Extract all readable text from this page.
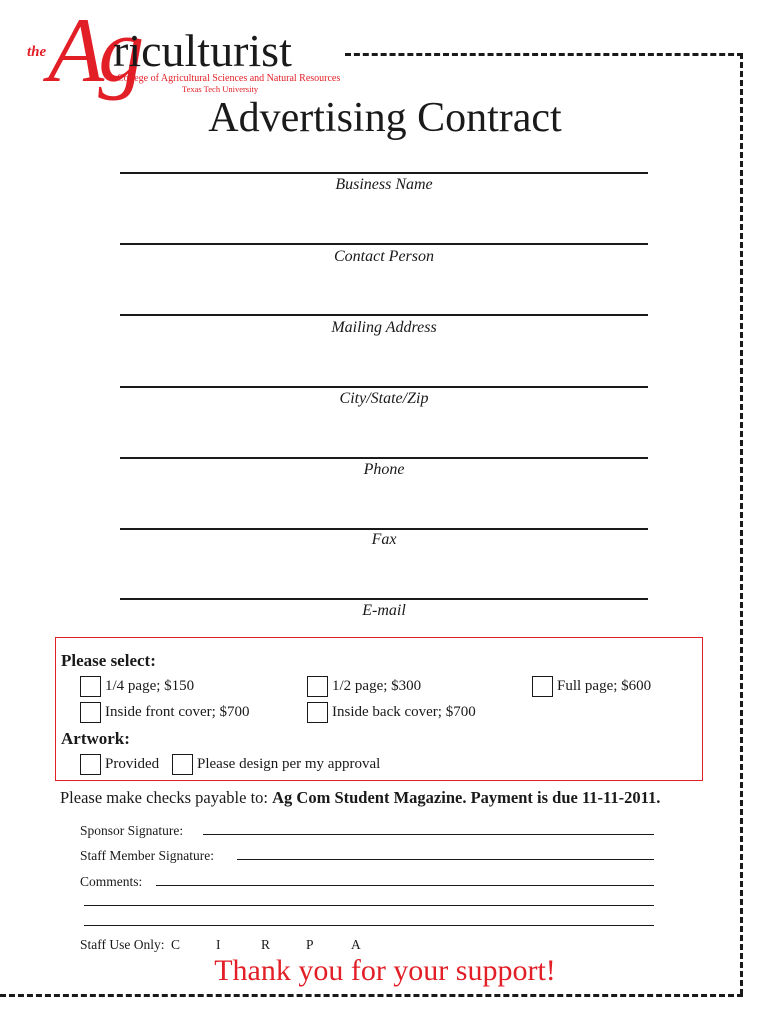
the Ag
riculturist
College of Agricultural Sciences and Natural Resources
Texas Tech University
Advertising Contract
Business Name
Contact Person
Mailing Address
City/State/Zip
Phone
Fax
E-mail
Please select:
1/4 page; $150	1/2 page; $300	Full page; $600
Inside front cover; $700	Inside back cover; $700
Artwork:
Provided	Please design per my approval
Please make checks payable to: Ag Com Student Magazine. Payment is due 11-11-2011.
Sponsor Signature:
Staff Member Signature:
Comments:
Staff Use Only: C	I	R	P	A
Thank you for your support!
